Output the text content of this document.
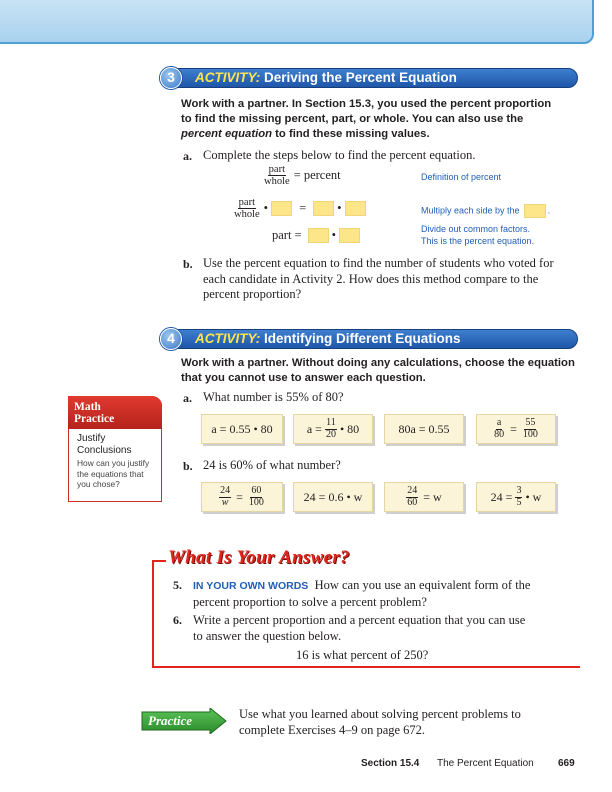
3	ACTIVITY: Deriving the Percent Equation
Work with a partner. In Section 15.3, you used the percent proportion
to find the missing percent, part, or whole. You can also use the
percent equation to find these missing values.
a. Complete the steps below to find the percent equation.
$\frac{\text{part}}{\text{whole}}$ = percent	Definition of percent
$\frac{\text{part}}{\text{whole}}$ • = •	Multiply each side by the	.
part = •	Divide out common factors.
This is the percent equation.
b. Use the percent equation to find the number of students who voted for
each candidate in Activity 2. How does this method compare to the
percent proportion?
4	ACTIVITY: Identifying Different Equations
Work with a partner. Without doing any calculations, choose the equation
that you cannot use to answer each question.
a. What number is 55% of 80?
a = 0.55 • 80	$a = \frac{11}{20}$ • 80	80a = 0.55	$\frac{a}{80} = \frac{55}{100}$
b. 24 is 60% of what number?
$\frac{24}{w} = \frac{60}{100}$	24 = 0.6 • w	$\frac{24}{60} = w$	$24 = \frac{3}{5}$ • w
Math
Practice
Justify
Conclusions
How can you justify
the equations that
you chose?
What Is Your Answer?
5. IN YOUR OWN WORDS How can you use an equivalent form of the
percent proportion to solve a percent problem?
6. Write a percent proportion and a percent equation that you can use
to answer the question below.
16 is what percent of 250?
Practice	Use what you learned about solving percent problems to
complete Exercises 4–9 on page 672.
Section 15.4 The Percent Equation 669
